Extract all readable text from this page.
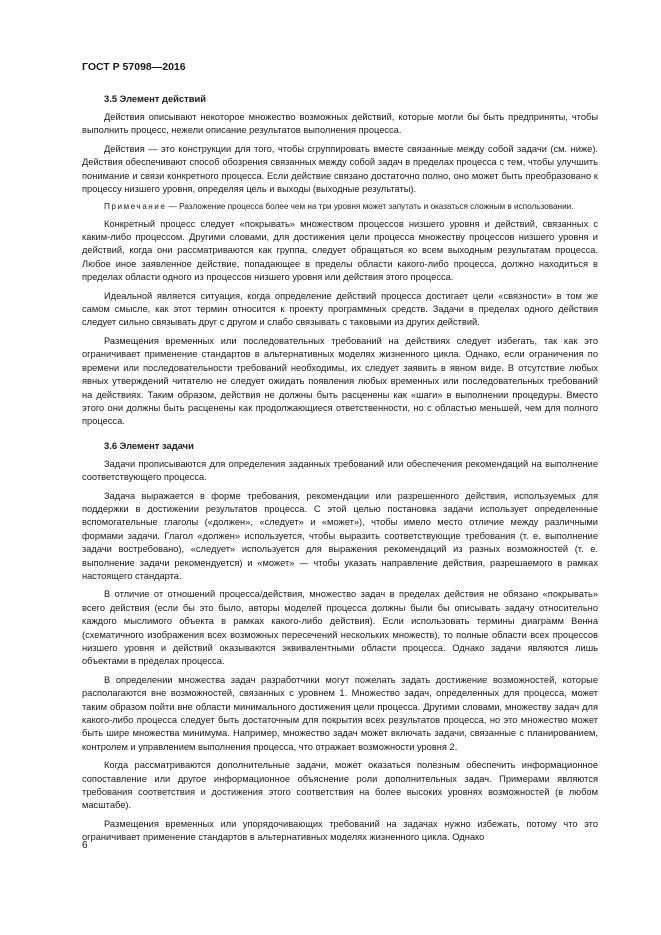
ГОСТ Р 57098—2016
3.5 Элемент действий

Действия описывают некоторое множество возможных действий, которые могли бы быть предприняты, чтобы выполнить процесс, нежели описание результатов выполнения процесса.

Действия — это конструкции для того, чтобы сгруппировать вместе связанные между собой задачи (см. ниже). Действия обеспечивают способ обозрения связанных между собой задач в пределах процесса с тем, чтобы улучшить понимание и связи конкретного процесса. Если действие связано достаточно полно, оно может быть преобразовано к процессу низшего уровня, определяя цель и выходы (выходные результаты).

Примечание — Разложение процесса более чем на три уровня может запутать и оказаться сложным в использовании.

Конкретный процесс следует «покрывать» множеством процессов низшего уровня и действий, связанных с каким-либо процессом. Другими словами, для достижения цели процесса множеству процессов низшего уровня и действий, когда они рассматриваются как группа, следует обращаться ко всем выходным результатам процесса. Любое иное заявленное действие, попадающее в пределы области какого-либо процесса, должно находиться в пределах области одного из процессов низшего уровня или действия этого процесса.

Идеальной является ситуация, когда определение действий процесса достигает цели «связности» в том же самом смысле, как этот термин относится к проекту программных средств. Задачи в пределах одного действия следует сильно связывать друг с другом и слабо связывать с таковыми из других действий.

Размещения временных или последовательных требований на действиях следует избегать, так как это ограничивает применение стандартов в альтернативных моделях жизненного цикла. Однако, если ограничения по времени или последовательности требований необходимы, их следует заявить в явном виде. В отсутствие любых явных утверждений читателю не следует ожидать появления любых временных или последовательных требований на действиях. Таким образом, действия не должны быть расценены как «шаги» в выполнении процедуры. Вместо этого они должны быть расценены как продолжающиеся ответственности, но с областью меньшей, чем для полного процесса.

3.6 Элемент задачи

Задачи прописываются для определения заданных требований или обеспечения рекомендаций на выполнение соответствующего процесса.

Задача выражается в форме требования, рекомендации или разрешенного действия, используемых для поддержки в достижении результатов процесса. С этой целью постановка задачи использует определенные вспомогательные глаголы («должен», «следует» и «может»), чтобы имело место отличие между различными формами задачи. Глагол «должен» используется, чтобы выразить соответствующие требования (т. е. выполнение задачи востребовано), «следует» используется для выражения рекомендаций из разных возможностей (т. е. выполнение задачи рекомендуется) и «может» — чтобы указать направление действия, разрешаемого в рамках настоящего стандарта.

В отличие от отношений процесса/действия, множество задач в пределах действия не обязано «покрывать» всего действия (если бы это было, авторы моделей процесса должны были бы описывать задачу относительно каждого мыслимого объекта в рамках какого-либо действия). Если использовать термины диаграмм Венна (схематичного изображения всех возможных пересечений нескольких множеств), то полные области всех процессов низшего уровня и действий оказываются эквивалентными области процесса. Однако задачи являются лишь объектами в пределах процесса.

В определении множества задач разработчики могут пожелать задать достижение возможностей, которые располагаются вне возможностей, связанных с уровнем 1. Множество задач, определенных для процесса, может таким образом пойти вне области минимального достижения цели процесса. Другими словами, множеству задач для какого-либо процесса следует быть достаточным для покрытия всех результатов процесса, но это множество может быть шире множества минимума. Например, множество задач может включать задачи, связанные с планированием, контролем и управлением выполнения процесса, что отражает возможности уровня 2.

Когда рассматриваются дополнительные задачи, может оказаться полезным обеспечить информационное сопоставление или другое информационное объяснение роли дополнительных задач. Примерами являются требования соответствия и достижения этого соответствия на более высоких уровнях возможностей (в любом масштабе).

Размещения временных или упорядочивающих требований на задачах нужно избежать, потому что это ограничивает применение стандартов в альтернативных моделях жизненного цикла. Однако

6
